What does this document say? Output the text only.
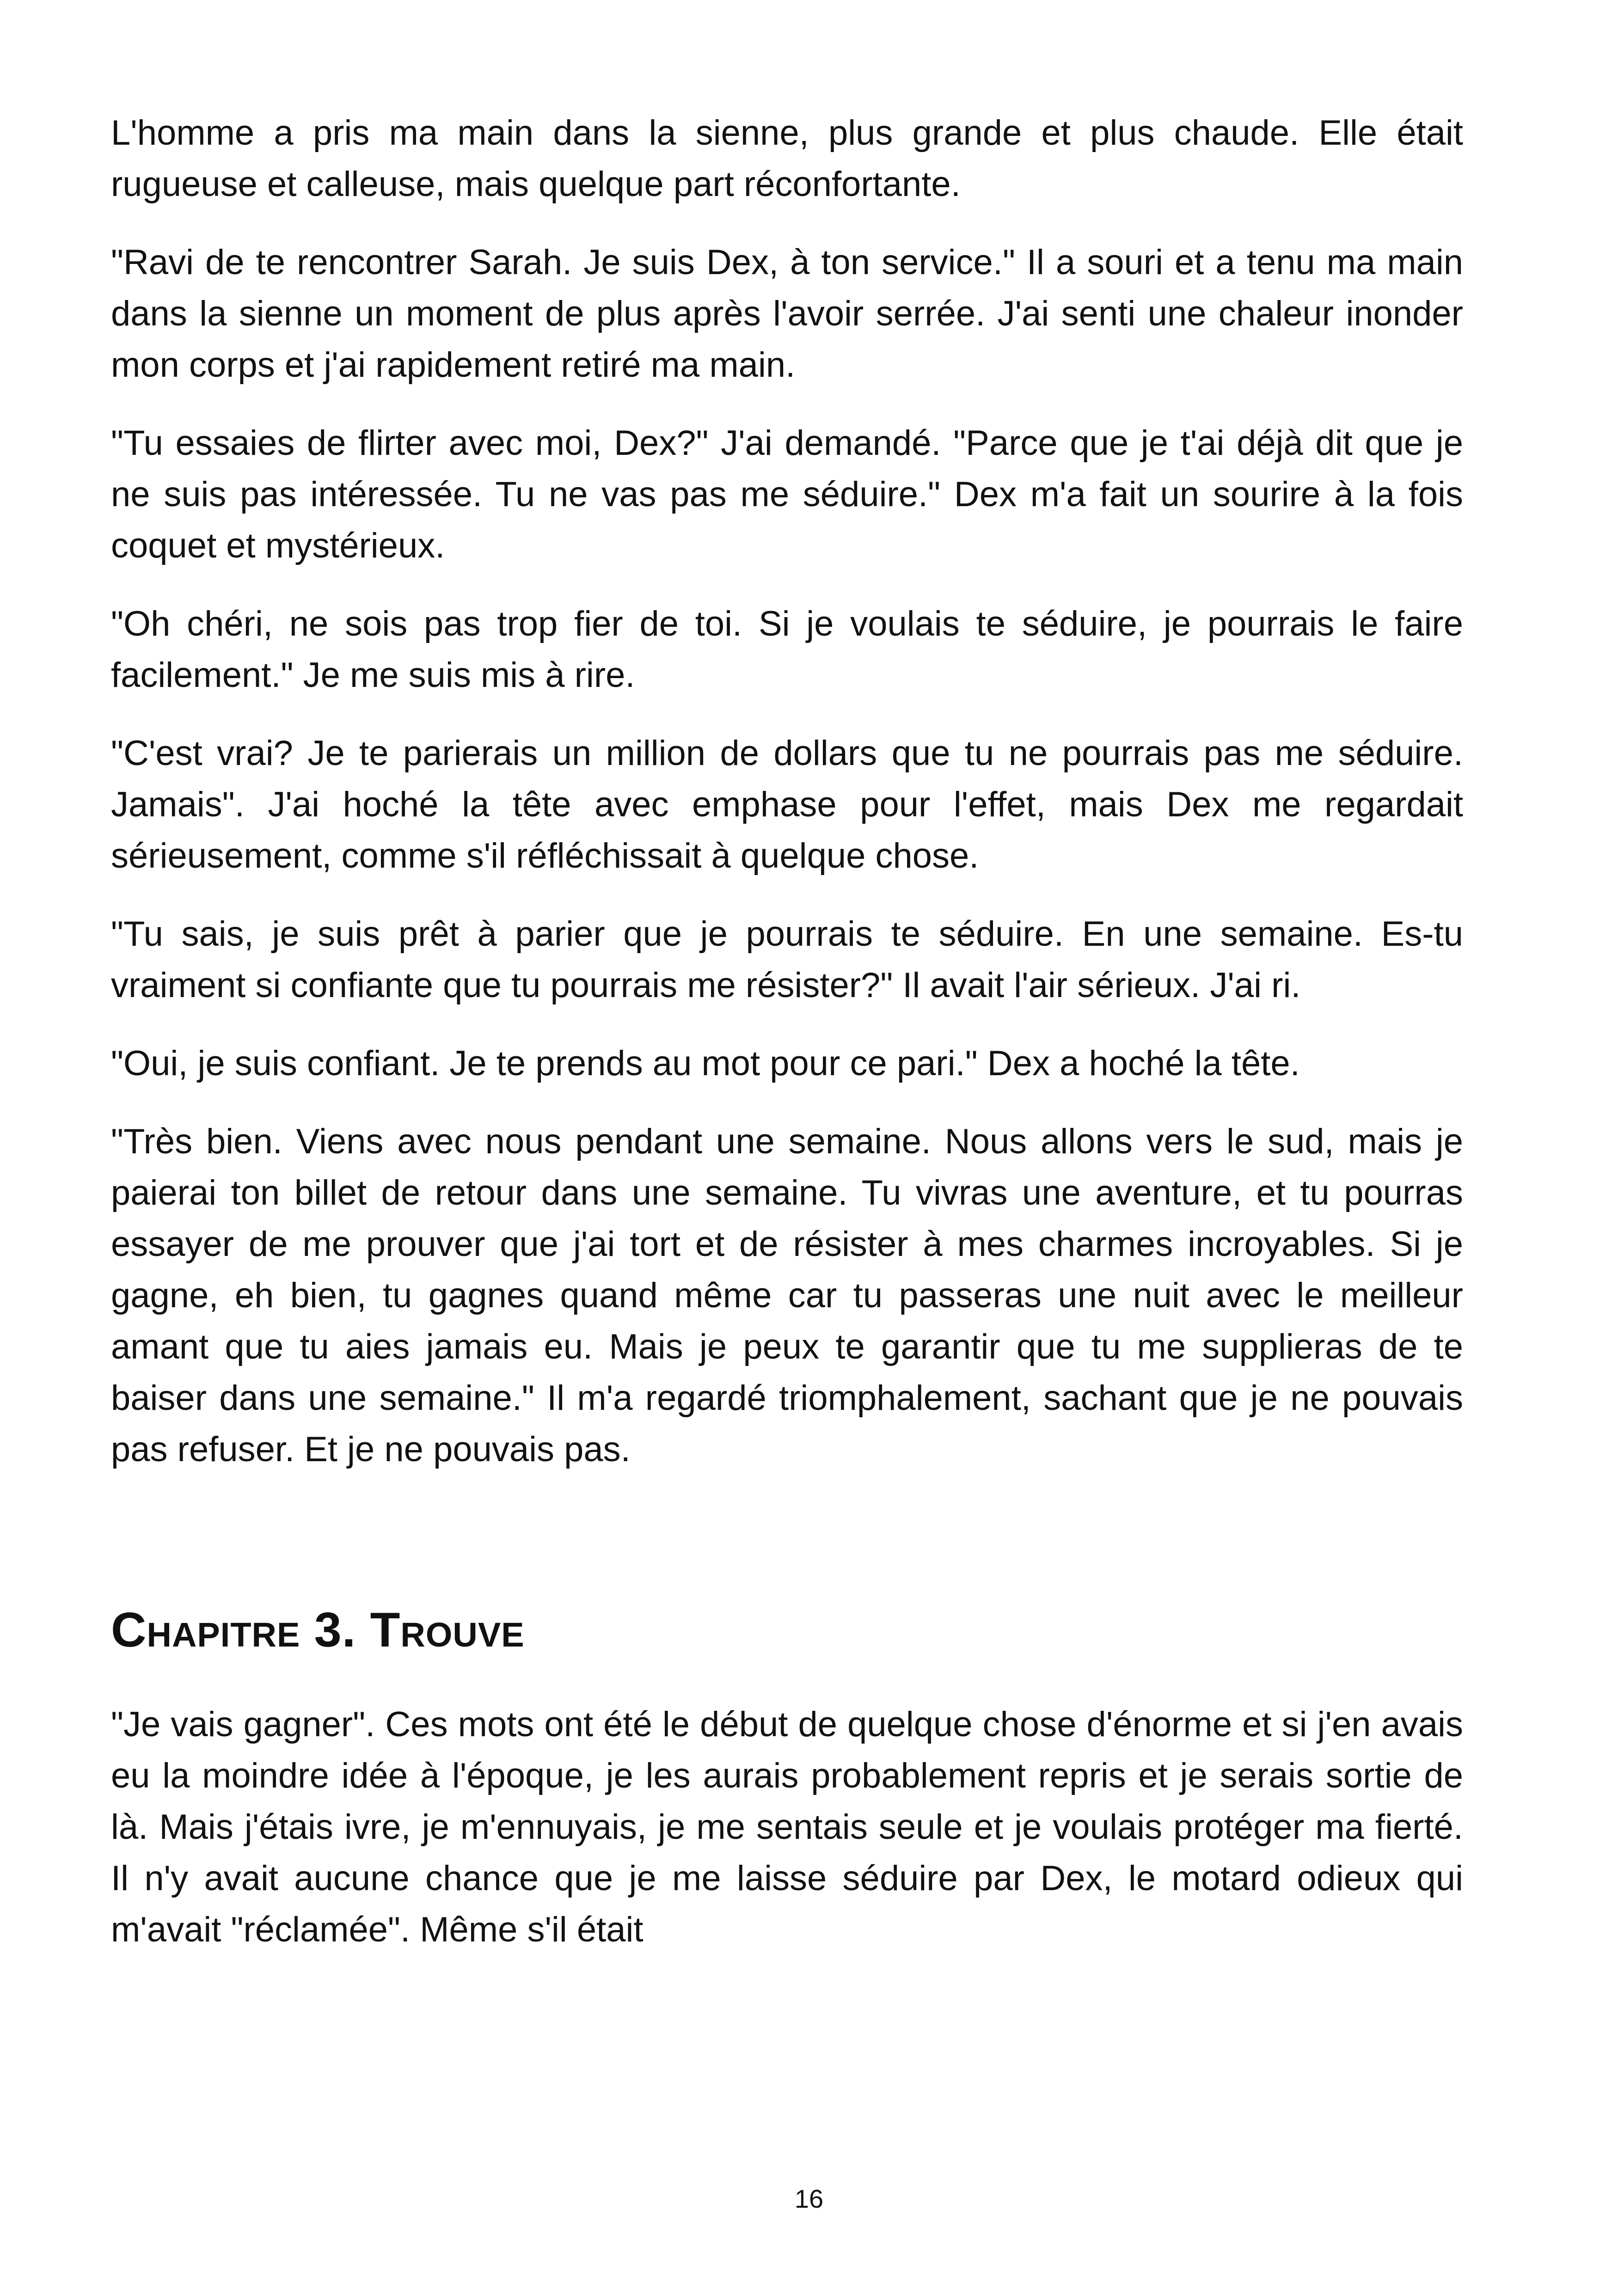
L'homme a pris ma main dans la sienne, plus grande et plus chaude. Elle était rugueuse et calleuse, mais quelque part réconfortante.

"Ravi de te rencontrer Sarah. Je suis Dex, à ton service." Il a souri et a tenu ma main dans la sienne un moment de plus après l'avoir serrée. J'ai senti une chaleur inonder mon corps et j'ai rapidement retiré ma main.

"Tu essaies de flirter avec moi, Dex?" J'ai demandé. "Parce que je t'ai déjà dit que je ne suis pas intéressée. Tu ne vas pas me séduire." Dex m'a fait un sourire à la fois coquet et mystérieux.

"Oh chéri, ne sois pas trop fier de toi. Si je voulais te séduire, je pourrais le faire facilement." Je me suis mis à rire.

"C'est vrai? Je te parierais un million de dollars que tu ne pourrais pas me séduire. Jamais". J'ai hoché la tête avec emphase pour l'effet, mais Dex me regardait sérieusement, comme s'il réfléchissait à quelque chose.

"Tu sais, je suis prêt à parier que je pourrais te séduire. En une semaine. Es-tu vraiment si confiante que tu pourrais me résister?" Il avait l'air sérieux. J'ai ri.

"Oui, je suis confiant. Je te prends au mot pour ce pari." Dex a hoché la tête.

"Très bien. Viens avec nous pendant une semaine. Nous allons vers le sud, mais je paierai ton billet de retour dans une semaine. Tu vivras une aventure, et tu pourras essayer de me prouver que j'ai tort et de résister à mes charmes incroyables. Si je gagne, eh bien, tu gagnes quand même car tu passeras une nuit avec le meilleur amant que tu aies jamais eu. Mais je peux te garantir que tu me supplieras de te baiser dans une semaine." Il m'a regardé triomphalement, sachant que je ne pouvais pas refuser. Et je ne pouvais pas.

Chapitre 3. Trouve

"Je vais gagner". Ces mots ont été le début de quelque chose d'énorme et si j'en avais eu la moindre idée à l'époque, je les aurais probablement repris et je serais sortie de là. Mais j'étais ivre, je m'ennuyais, je me sentais seule et je voulais protéger ma fierté. Il n'y avait aucune chance que je me laisse séduire par Dex, le motard odieux qui m'avait "réclamée". Même s'il était

16
